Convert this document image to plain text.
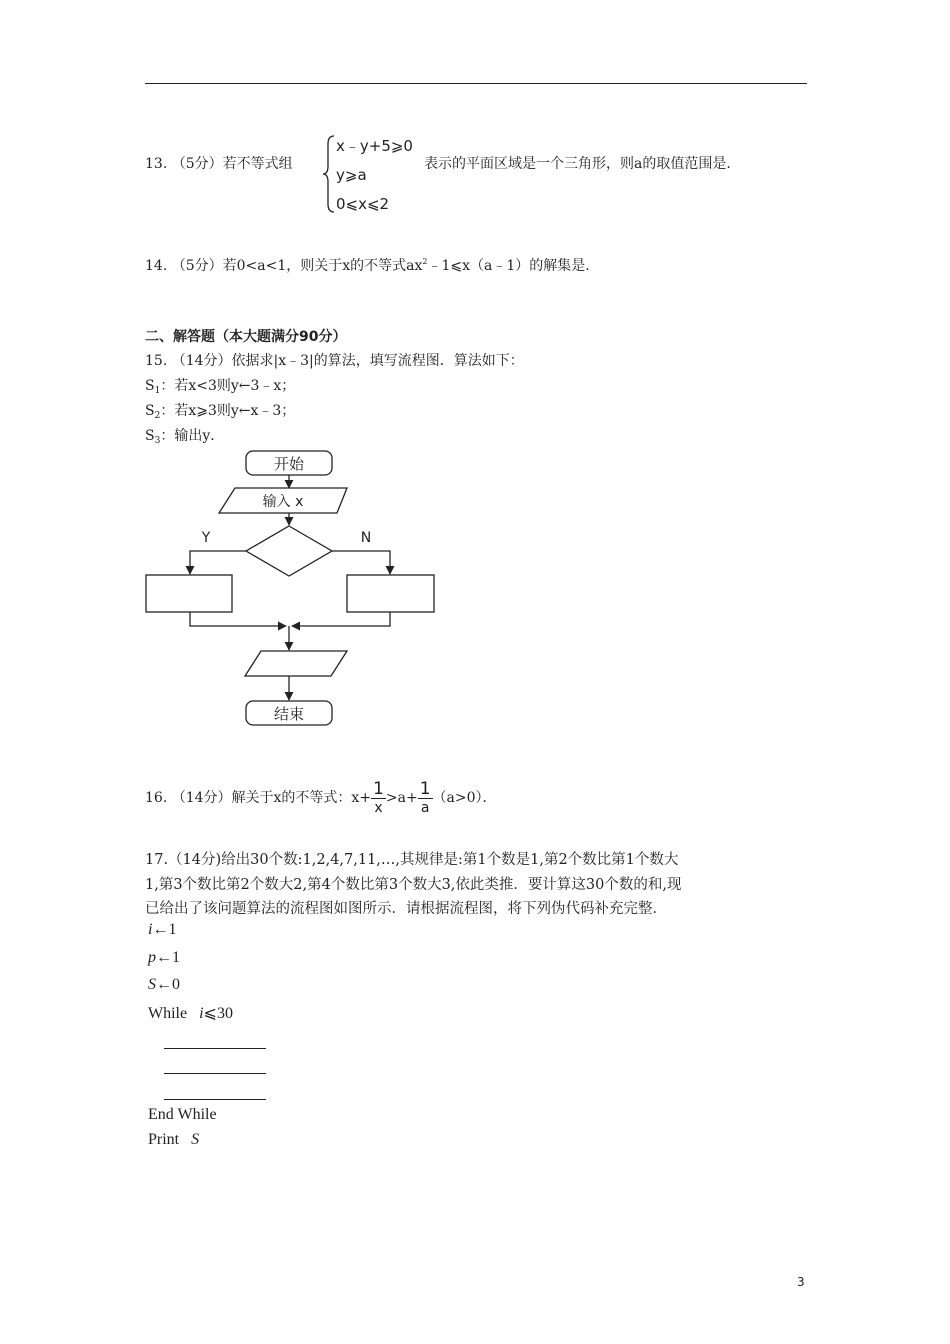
13. （5分）若不等式组
x﹣y+5⩾0
y⩾a
0⩽x⩽2
表示的平面区域是一个三角形，则a的取值范围是.
14. （5分）若0<a<1，则关于x的不等式$ax^2﹣1⩽x(a﹣1)$的解集是.
二、解答题（本大题满分90分）
15. （14分）依据求|x﹣3|的算法，填写流程图．算法如下：
$S_1$：若x<3则y←3﹣x；
$S_2$：若x⩾3则y←x﹣3；
$S_3$：输出y．
开始
输入 x
Y	N
结束
16. （14分）解关于x的不等式：$x+ \frac{1}{x} >a+ \frac{1}{a} (a>0)$．
17.（14分)给出30个数:1,2,4,7,11,…,其规律是:第1个数是1,第2个数比第1个数大
1,第3个数比第2个数大2,第4个数比第3个数大3,依此类推．要计算这30个数的和,现
已给出了该问题算法的流程图如图所示．请根据流程图，将下列伪代码补充完整．
i←1
p←1
S←0
While i⩽30
End While
Print S
3
